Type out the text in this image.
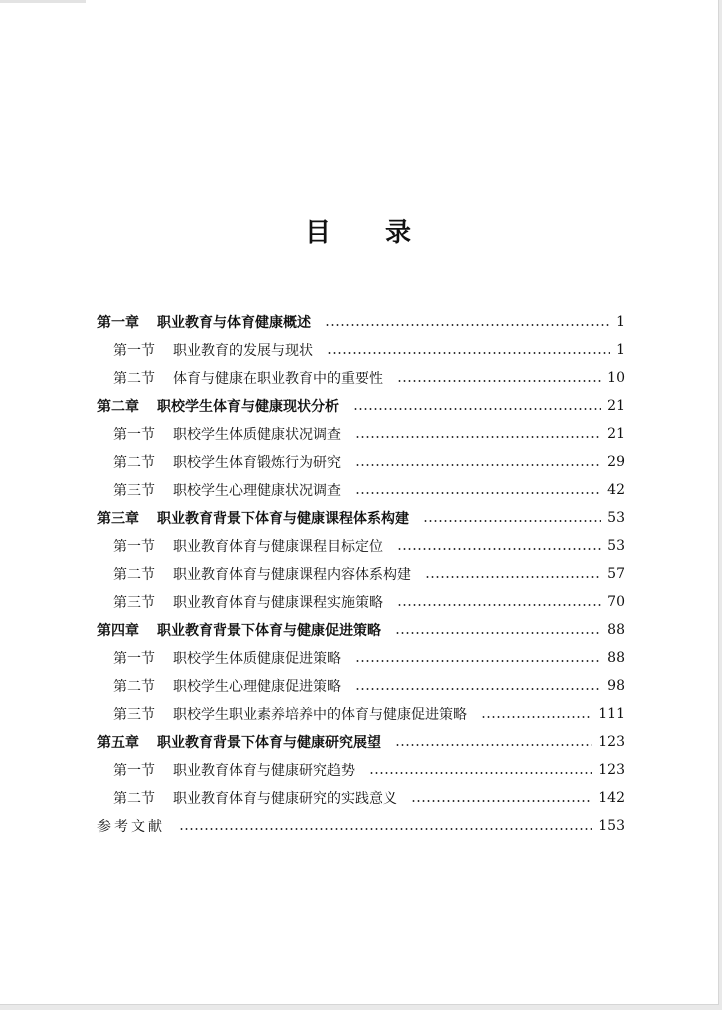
目 录
第一章 职业教育与体育健康概述	1
第一节 职业教育的发展与现状	1
第二节 体育与健康在职业教育中的重要性	10
第二章 职校学生体育与健康现状分析	21
第一节 职校学生体质健康状况调查	21
第二节 职校学生体育锻炼行为研究	29
第三节 职校学生心理健康状况调查	42
第三章 职业教育背景下体育与健康课程体系构建	53
第一节 职业教育体育与健康课程目标定位	53
第二节 职业教育体育与健康课程内容体系构建	57
第三节 职业教育体育与健康课程实施策略	70
第四章 职业教育背景下体育与健康促进策略	88
第一节 职校学生体质健康促进策略	88
第二节 职校学生心理健康促进策略	98
第三节 职校学生职业素养培养中的体育与健康促进策略	111
第五章 职业教育背景下体育与健康研究展望	123
第一节 职业教育体育与健康研究趋势	123
第二节 职业教育体育与健康研究的实践意义	142
参考文献	153
